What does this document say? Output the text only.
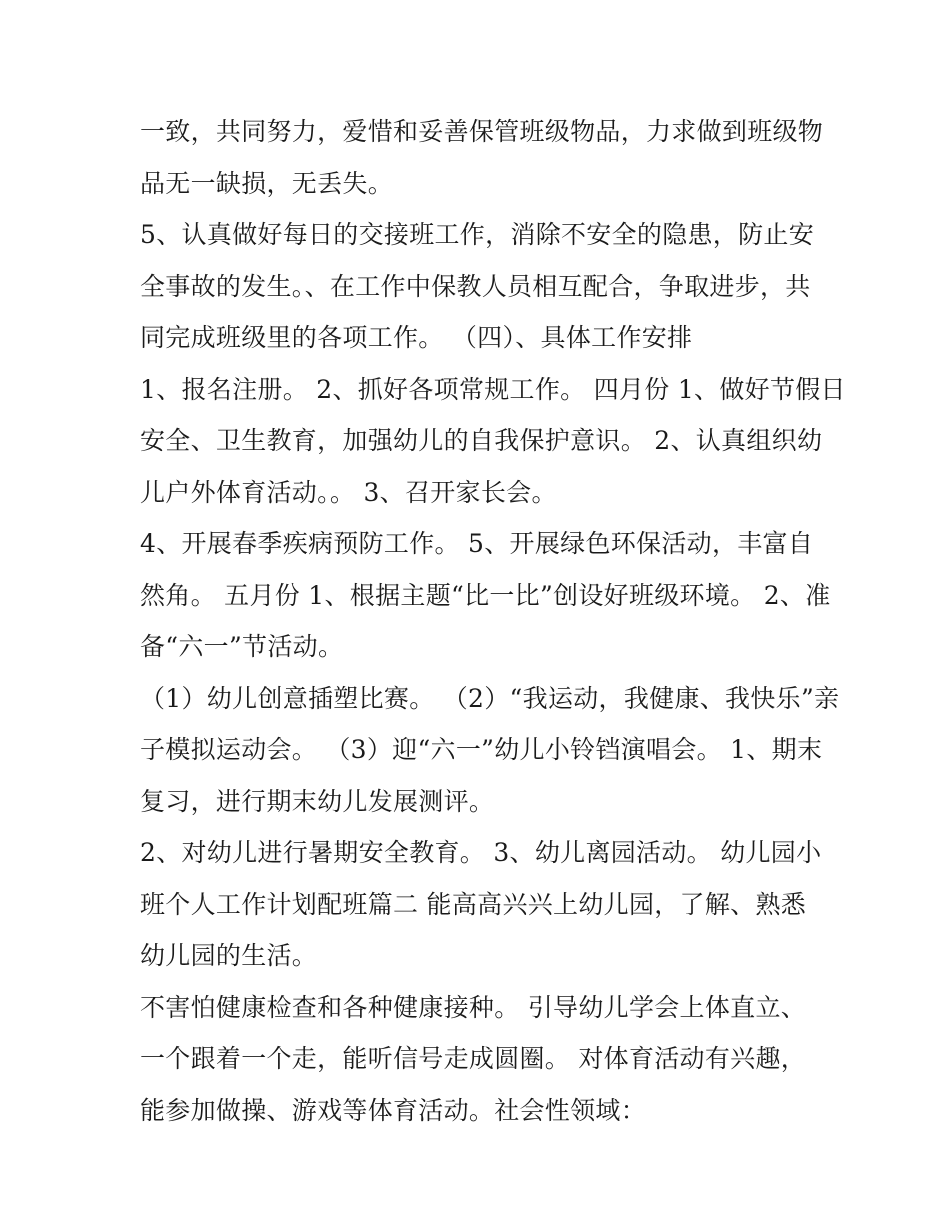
一致，共同努力，爱惜和妥善保管班级物品，力求做到班级物
品无一缺损，无丢失。
5、认真做好每日的交接班工作，消除不安全的隐患，防止安
全事故的发生。、在工作中保教人员相互配合，争取进步，共
同完成班级里的各项工作。 （四）、具体工作安排
1、报名注册。 2、抓好各项常规工作。 四月份 1、做好节假日
安全、卫生教育，加强幼儿的自我保护意识。 2、认真组织幼
儿户外体育活动。。 3、召开家长会。
4、开展春季疾病预防工作。 5、开展绿色环保活动，丰富自
然角。 五月份 1、根据主题“比一比”创设好班级环境。 2、准
备“六一”节活动。
（1）幼儿创意插塑比赛。 （2）“我运动，我健康、我快乐”亲
子模拟运动会。 （3）迎“六一”幼儿小铃铛演唱会。 1、期末
复习，进行期末幼儿发展测评。
2、对幼儿进行暑期安全教育。 3、幼儿离园活动。 幼儿园小
班个人工作计划配班篇二 能高高兴兴上幼儿园，了解、熟悉
幼儿园的生活。
不害怕健康检查和各种健康接种。 引导幼儿学会上体直立、
一个跟着一个走，能听信号走成圆圈。 对体育活动有兴趣，
能参加做操、游戏等体育活动。社会性领域：
